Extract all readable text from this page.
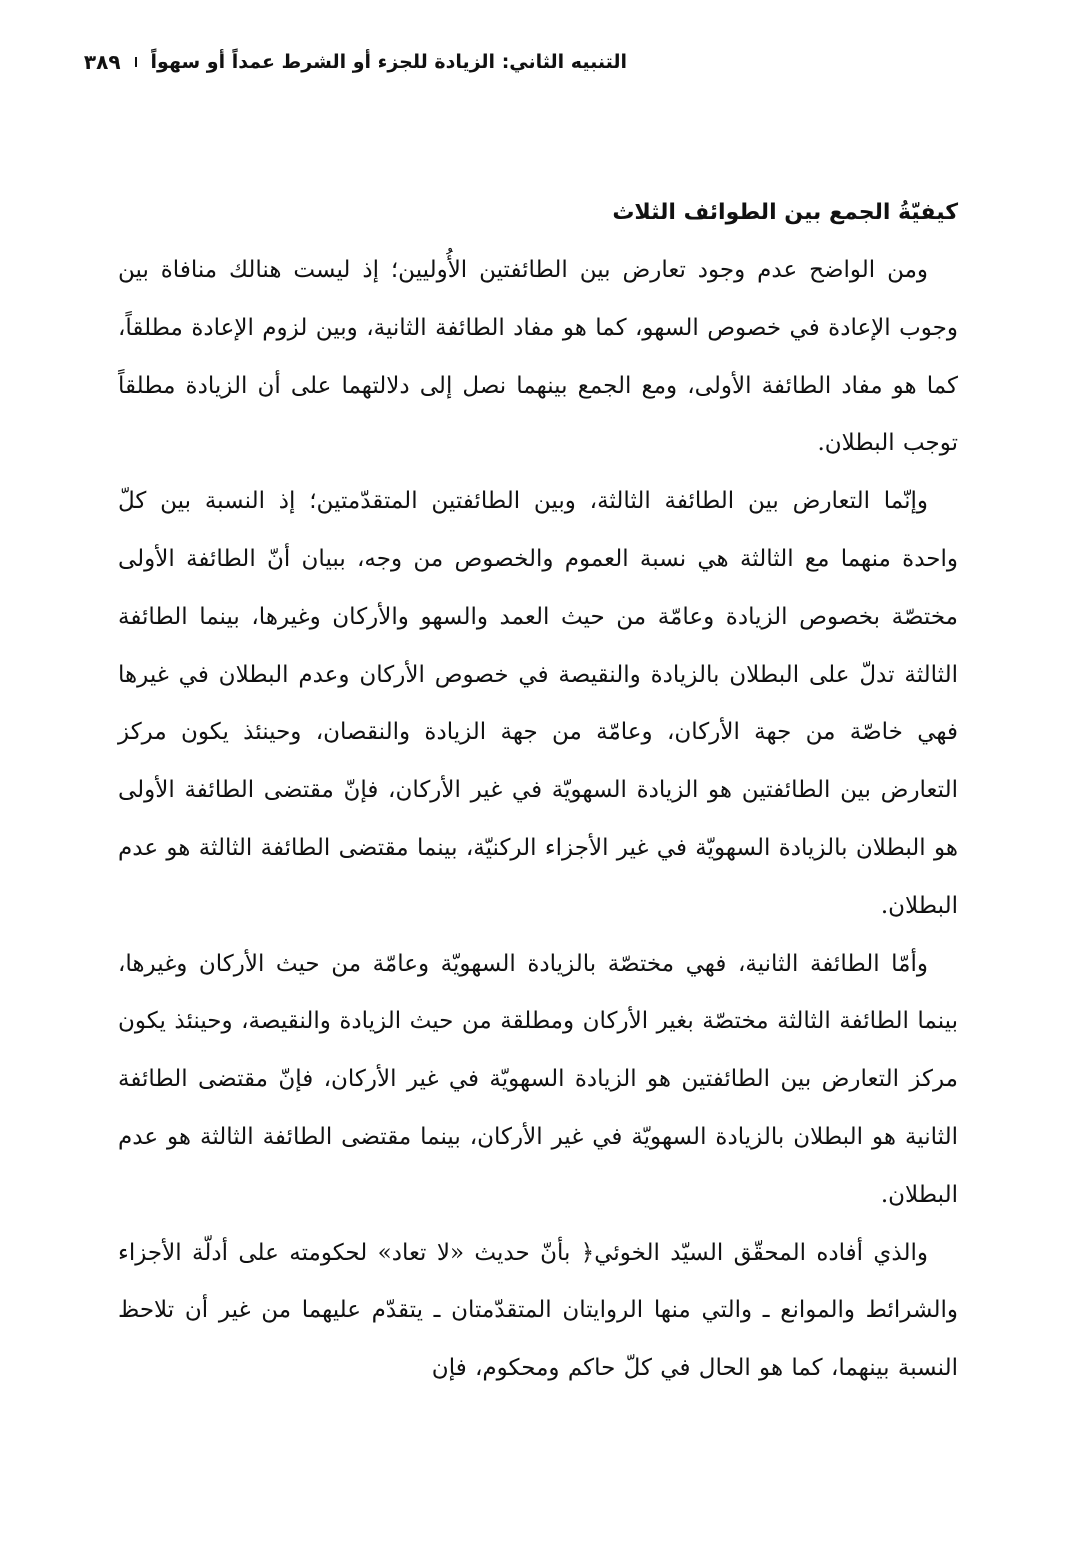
التنبيه الثاني: الزيادة للجزء أو الشرط عمداً أو سهواً
٣٨٩
كيفيّةُ الجمع بين الطوائف الثلاث

ومن الواضح عدم وجود تعارض بين الطائفتين الأُوليين؛ إذ ليست هنالك منافاة بين وجوب الإعادة في خصوص السهو، كما هو مفاد الطائفة الثانية، وبين لزوم الإعادة مطلقاً، كما هو مفاد الطائفة الأولى، ومع الجمع بينهما نصل إلى دلالتهما على أن الزيادة مطلقاً توجب البطلان.

وإنّما التعارض بين الطائفة الثالثة، وبين الطائفتين المتقدّمتين؛ إذ النسبة بين كلّ واحدة منهما مع الثالثة هي نسبة العموم والخصوص من وجه، ببيان أنّ الطائفة الأولى مختصّة بخصوص الزيادة وعامّة من حيث العمد والسهو والأركان وغيرها، بينما الطائفة الثالثة تدلّ على البطلان بالزيادة والنقيصة في خصوص الأركان وعدم البطلان في غيرها فهي خاصّة من جهة الأركان، وعامّة من جهة الزيادة والنقصان، وحينئذ يكون مركز التعارض بين الطائفتين هو الزيادة السهويّة في غير الأركان، فإنّ مقتضى الطائفة الأولى هو البطلان بالزيادة السهويّة في غير الأجزاء الركنيّة، بينما مقتضى الطائفة الثالثة هو عدم البطلان.

وأمّا الطائفة الثانية، فهي مختصّة بالزيادة السهويّة وعامّة من حيث الأركان وغيرها، بينما الطائفة الثالثة مختصّة بغير الأركان ومطلقة من حيث الزيادة والنقيصة، وحينئذ يكون مركز التعارض بين الطائفتين هو الزيادة السهويّة في غير الأركان، فإنّ مقتضى الطائفة الثانية هو البطلان بالزيادة السهويّة في غير الأركان، بينما مقتضى الطائفة الثالثة هو عدم البطلان.

والذي أفاده المحقّق السيّد الخوئي﴿ بأنّ حديث «لا تعاد» لحكومته على أدلّة الأجزاء والشرائط والموانع ـ والتي منها الروايتان المتقدّمتان ـ يتقدّم عليهما من غير أن تلاحظ النسبة بينهما، كما هو الحال في كلّ حاكم ومحكوم، فإن
